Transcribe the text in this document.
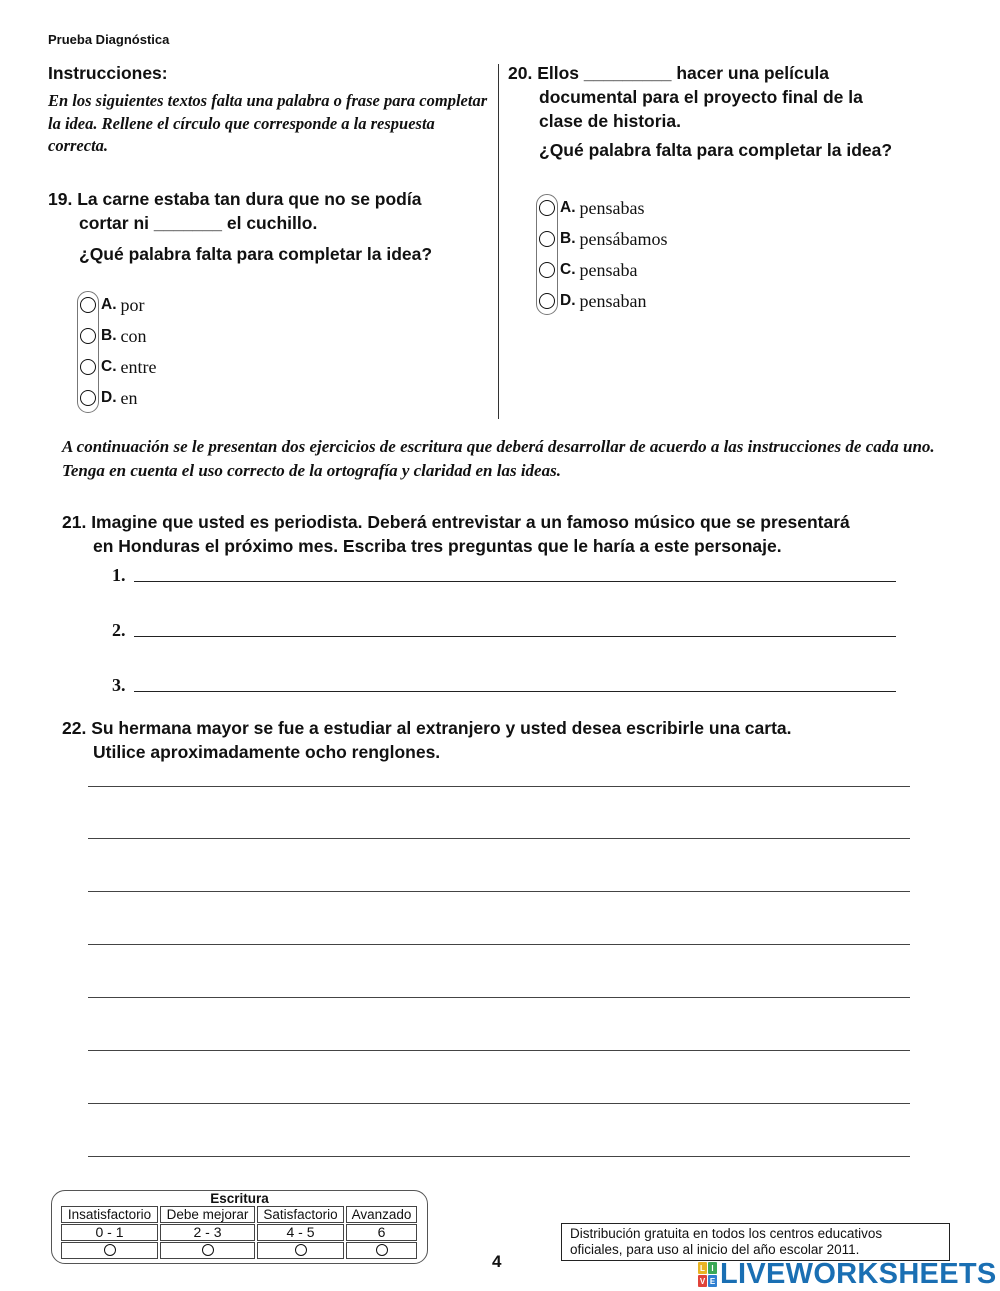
Prueba Diagnóstica
Instrucciones:
En los siguientes textos falta una palabra o frase para completar la idea. Rellene el círculo que corresponde a la respuesta correcta.
19. La carne estaba tan dura que no se podía
cortar ni _______ el cuchillo.
¿Qué palabra falta para completar la idea?
A. por
B. con
C. entre
D. en
20. Ellos _________ hacer una película
documental para el proyecto final de la
clase de historia.
¿Qué palabra falta para completar la idea?
A. pensabas
B. pensábamos
C. pensaba
D. pensaban
A continuación se le presentan dos ejercicios de escritura que deberá desarrollar de acuerdo a las instrucciones de cada uno. Tenga en cuenta el uso correcto de la ortografía y claridad en las ideas.
21. Imagine que usted es periodista. Deberá entrevistar a un famoso músico que se presentará
en Honduras el próximo mes. Escriba tres preguntas que le haría a este personaje.
1.
2.
3.
22. Su hermana mayor se fue a estudiar al extranjero y usted desea escribirle una carta.
Utilice aproximadamente ocho renglones.
Escritura
Insatisfactorio	Debe mejorar	Satisfactorio	Avanzado
0 - 1	2 - 3	4 - 5	6
4
Distribución gratuita en todos los centros educativos
oficiales, para uso al inicio del año escolar 2011.
L I
V E LIVEWORKSHEETS
